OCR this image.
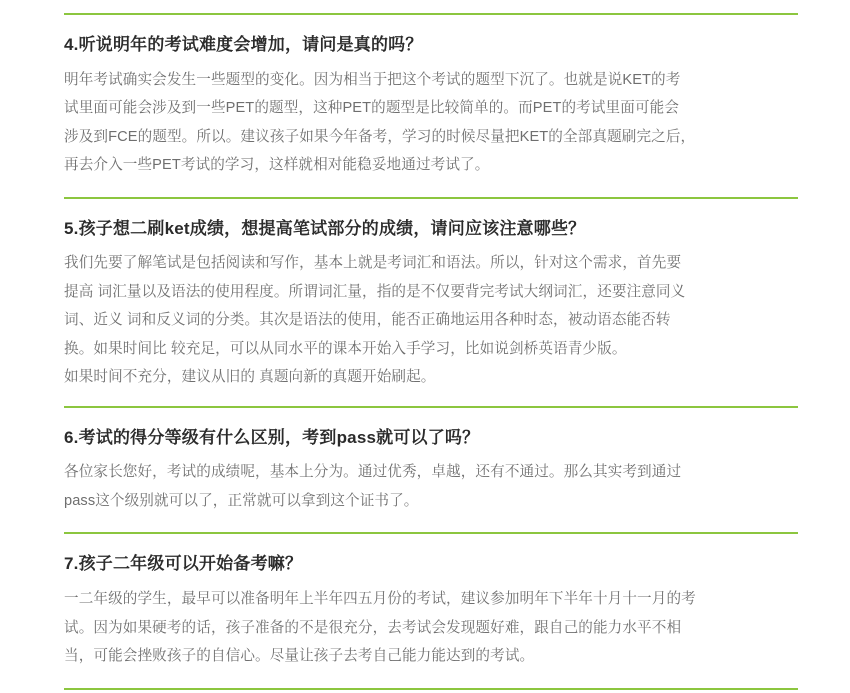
4.听说明年的考试难度会增加，请问是真的吗？

明年考试确实会发生一些题型的变化。因为相当于把这个考试的题型下沉了。也就是说KET的考
试里面可能会涉及到一些PET的题型，这种PET的题型是比较简单的。而PET的考试里面可能会
涉及到FCE的题型。所以。建议孩子如果今年备考，学习的时候尽量把KET的全部真题刷完之后，
再去介入一些PET考试的学习，这样就相对能稳妥地通过考试了。

5.孩子想二刷ket成绩，想提高笔试部分的成绩，请问应该注意哪些？

我们先要了解笔试是包括阅读和写作，基本上就是考词汇和语法。所以，针对这个需求，首先要
提高 词汇量以及语法的使用程度。所谓词汇量，指的是不仅要背完考试大纲词汇，还要注意同义
词、近义 词和反义词的分类。其次是语法的使用，能否正确地运用各种时态，被动语态能否转
换。如果时间比 较充足，可以从同水平的课本开始入手学习，比如说剑桥英语青少版。
如果时间不充分，建议从旧的 真题向新的真题开始刷起。

6.考试的得分等级有什么区别，考到pass就可以了吗？

各位家长您好，考试的成绩呢，基本上分为。通过优秀，卓越，还有不通过。那么其实考到通过
pass这个级别就可以了，正常就可以拿到这个证书了。

7.孩子二年级可以开始备考嘛？

一二年级的学生，最早可以准备明年上半年四五月份的考试，建议参加明年下半年十月十一月的考
试。因为如果硬考的话，孩子准备的不是很充分，去考试会发现题好难，跟自己的能力水平不相
当，可能会挫败孩子的自信心。尽量让孩子去考自己能力能达到的考试。
